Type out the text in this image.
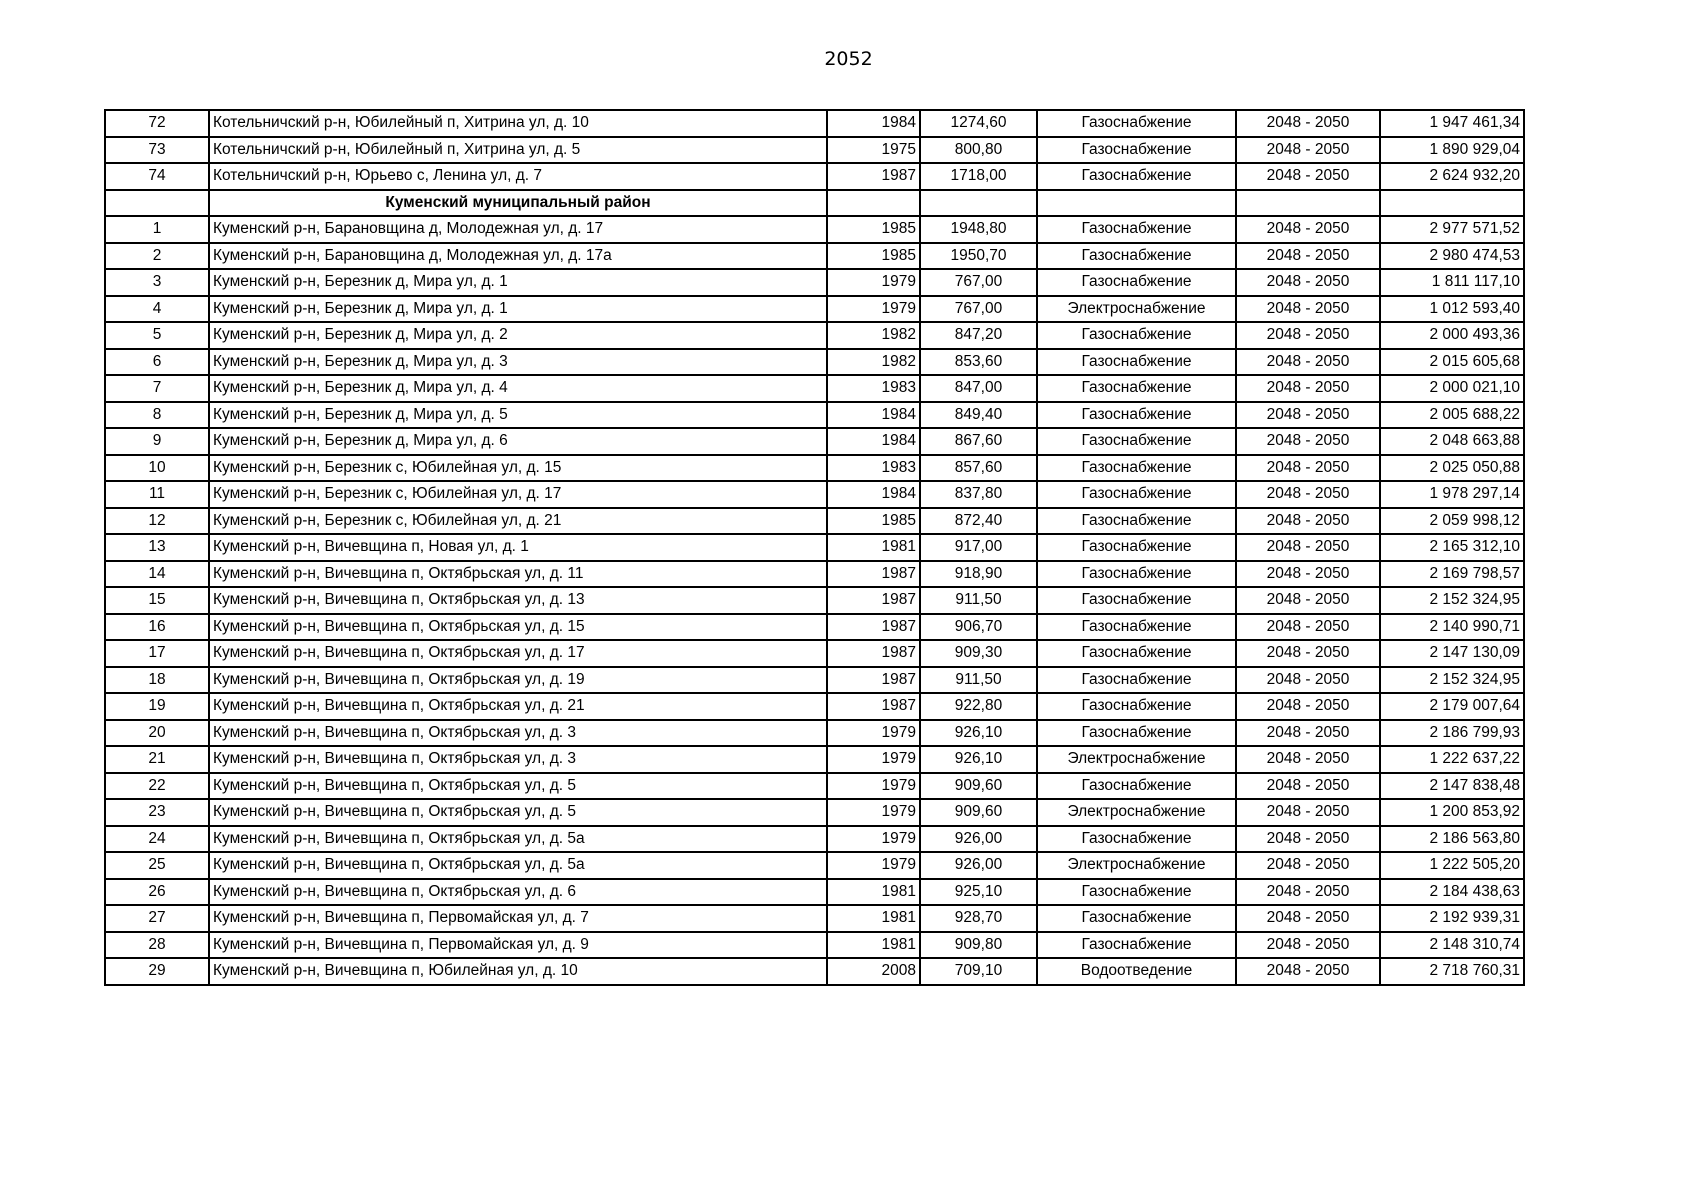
2052
72	Котельничский р-н, Юбилейный п, Хитрина ул, д. 10	1984	1274,60	Газоснабжение	2048 - 2050	1 947 461,34
73	Котельничский р-н, Юбилейный п, Хитрина ул, д. 5	1975	800,80	Газоснабжение	2048 - 2050	1 890 929,04
74	Котельничский р-н, Юрьево с, Ленина ул, д. 7	1987	1718,00	Газоснабжение	2048 - 2050	2 624 932,20
	Куменский муниципальный район					
1	Куменский р-н, Барановщина д, Молодежная ул, д. 17	1985	1948,80	Газоснабжение	2048 - 2050	2 977 571,52
2	Куменский р-н, Барановщина д, Молодежная ул, д. 17а	1985	1950,70	Газоснабжение	2048 - 2050	2 980 474,53
3	Куменский р-н, Березник д, Мира ул, д. 1	1979	767,00	Газоснабжение	2048 - 2050	1 811 117,10
4	Куменский р-н, Березник д, Мира ул, д. 1	1979	767,00	Электроснабжение	2048 - 2050	1 012 593,40
5	Куменский р-н, Березник д, Мира ул, д. 2	1982	847,20	Газоснабжение	2048 - 2050	2 000 493,36
6	Куменский р-н, Березник д, Мира ул, д. 3	1982	853,60	Газоснабжение	2048 - 2050	2 015 605,68
7	Куменский р-н, Березник д, Мира ул, д. 4	1983	847,00	Газоснабжение	2048 - 2050	2 000 021,10
8	Куменский р-н, Березник д, Мира ул, д. 5	1984	849,40	Газоснабжение	2048 - 2050	2 005 688,22
9	Куменский р-н, Березник д, Мира ул, д. 6	1984	867,60	Газоснабжение	2048 - 2050	2 048 663,88
10	Куменский р-н, Березник с, Юбилейная ул, д. 15	1983	857,60	Газоснабжение	2048 - 2050	2 025 050,88
11	Куменский р-н, Березник с, Юбилейная ул, д. 17	1984	837,80	Газоснабжение	2048 - 2050	1 978 297,14
12	Куменский р-н, Березник с, Юбилейная ул, д. 21	1985	872,40	Газоснабжение	2048 - 2050	2 059 998,12
13	Куменский р-н, Вичевщина п, Новая ул, д. 1	1981	917,00	Газоснабжение	2048 - 2050	2 165 312,10
14	Куменский р-н, Вичевщина п, Октябрьская ул, д. 11	1987	918,90	Газоснабжение	2048 - 2050	2 169 798,57
15	Куменский р-н, Вичевщина п, Октябрьская ул, д. 13	1987	911,50	Газоснабжение	2048 - 2050	2 152 324,95
16	Куменский р-н, Вичевщина п, Октябрьская ул, д. 15	1987	906,70	Газоснабжение	2048 - 2050	2 140 990,71
17	Куменский р-н, Вичевщина п, Октябрьская ул, д. 17	1987	909,30	Газоснабжение	2048 - 2050	2 147 130,09
18	Куменский р-н, Вичевщина п, Октябрьская ул, д. 19	1987	911,50	Газоснабжение	2048 - 2050	2 152 324,95
19	Куменский р-н, Вичевщина п, Октябрьская ул, д. 21	1987	922,80	Газоснабжение	2048 - 2050	2 179 007,64
20	Куменский р-н, Вичевщина п, Октябрьская ул, д. 3	1979	926,10	Газоснабжение	2048 - 2050	2 186 799,93
21	Куменский р-н, Вичевщина п, Октябрьская ул, д. 3	1979	926,10	Электроснабжение	2048 - 2050	1 222 637,22
22	Куменский р-н, Вичевщина п, Октябрьская ул, д. 5	1979	909,60	Газоснабжение	2048 - 2050	2 147 838,48
23	Куменский р-н, Вичевщина п, Октябрьская ул, д. 5	1979	909,60	Электроснабжение	2048 - 2050	1 200 853,92
24	Куменский р-н, Вичевщина п, Октябрьская ул, д. 5а	1979	926,00	Газоснабжение	2048 - 2050	2 186 563,80
25	Куменский р-н, Вичевщина п, Октябрьская ул, д. 5а	1979	926,00	Электроснабжение	2048 - 2050	1 222 505,20
26	Куменский р-н, Вичевщина п, Октябрьская ул, д. 6	1981	925,10	Газоснабжение	2048 - 2050	2 184 438,63
27	Куменский р-н, Вичевщина п, Первомайская ул, д. 7	1981	928,70	Газоснабжение	2048 - 2050	2 192 939,31
28	Куменский р-н, Вичевщина п, Первомайская ул, д. 9	1981	909,80	Газоснабжение	2048 - 2050	2 148 310,74
29	Куменский р-н, Вичевщина п, Юбилейная ул, д. 10	2008	709,10	Водоотведение	2048 - 2050	2 718 760,31
